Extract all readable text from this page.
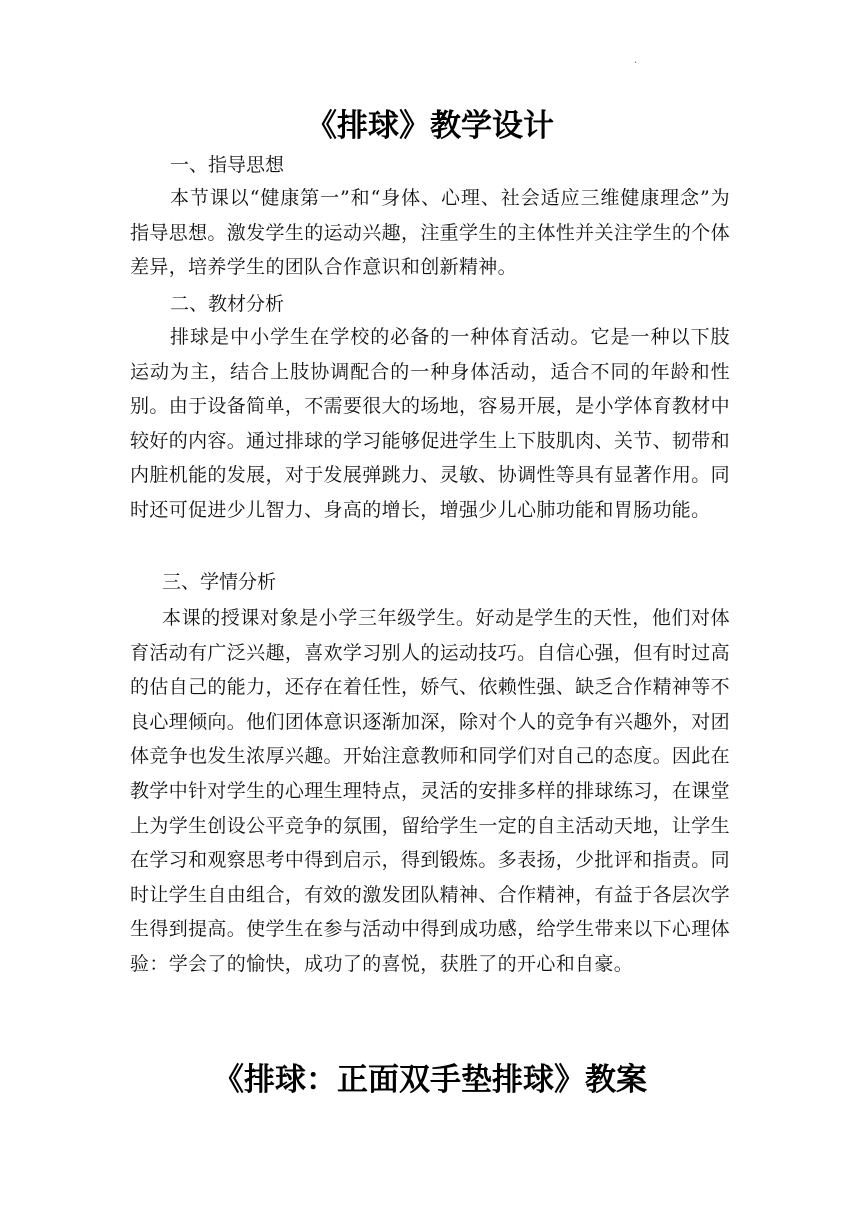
.
《排球》教学设计
一、指导思想
本节课以“健康第一”和“身体、心理、社会适应三维健康理念”为指导思想。激发学生的运动兴趣，注重学生的主体性并关注学生的个体差异，培养学生的团队合作意识和创新精神。
二、教材分析
排球是中小学生在学校的必备的一种体育活动。它是一种以下肢运动为主，结合上肢协调配合的一种身体活动，适合不同的年龄和性别。由于设备简单，不需要很大的场地，容易开展，是小学体育教材中较好的内容。通过排球的学习能够促进学生上下肢肌肉、关节、韧带和内脏机能的发展，对于发展弹跳力、灵敏、协调性等具有显著作用。同时还可促进少儿智力、身高的增长，增强少儿心肺功能和胃肠功能。
三、学情分析
本课的授课对象是小学三年级学生。好动是学生的天性，他们对体育活动有广泛兴趣，喜欢学习别人的运动技巧。自信心强，但有时过高的估自己的能力，还存在着任性，娇气、依赖性强、缺乏合作精神等不良心理倾向。他们团体意识逐渐加深，除对个人的竞争有兴趣外，对团体竞争也发生浓厚兴趣。开始注意教师和同学们对自己的态度。因此在教学中针对学生的心理生理特点，灵活的安排多样的排球练习，在课堂上为学生创设公平竞争的氛围，留给学生一定的自主活动天地，让学生在学习和观察思考中得到启示，得到锻炼。多表扬，少批评和指责。同时让学生自由组合，有效的激发团队精神、合作精神，有益于各层次学生得到提高。使学生在参与活动中得到成功感，给学生带来以下心理体验：学会了的愉快，成功了的喜悦，获胜了的开心和自豪。
《排球：正面双手垫排球》教案
